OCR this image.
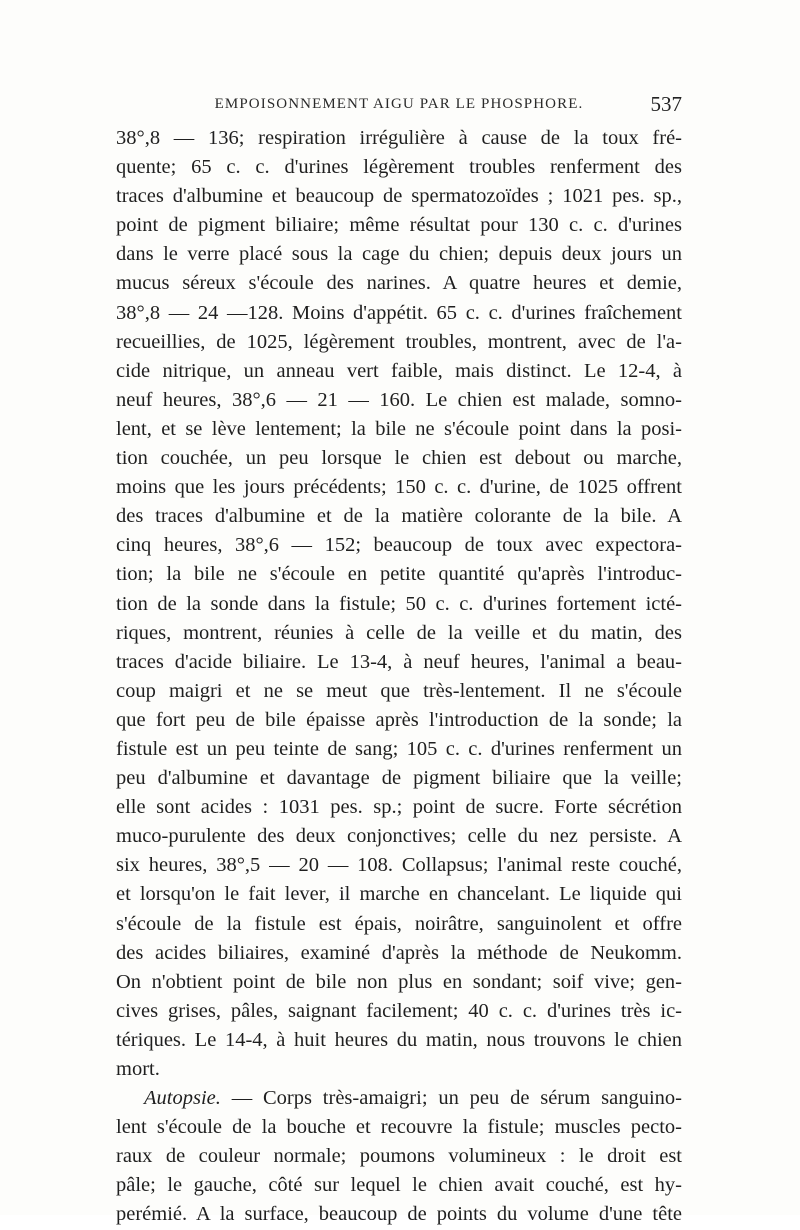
EMPOISONNEMENT AIGU PAR LE PHOSPHORE.	537
38°,8 — 136; respiration irrégulière à cause de la toux fré-
quente; 65 c. c. d'urines légèrement troubles renferment des
traces d'albumine et beaucoup de spermatozoïdes ; 1021 pes. sp.,
point de pigment biliaire; même résultat pour 130 c. c. d'urines
dans le verre placé sous la cage du chien; depuis deux jours un
mucus séreux s'écoule des narines. A quatre heures et demie,
38°,8 — 24 —128. Moins d'appétit. 65 c. c. d'urines fraîchement
recueillies, de 1025, légèrement troubles, montrent, avec de l'a-
cide nitrique, un anneau vert faible, mais distinct. Le 12-4, à
neuf heures, 38°,6 — 21 — 160. Le chien est malade, somno-
lent, et se lève lentement; la bile ne s'écoule point dans la posi-
tion couchée, un peu lorsque le chien est debout ou marche,
moins que les jours précédents; 150 c. c. d'urine, de 1025 offrent
des traces d'albumine et de la matière colorante de la bile. A
cinq heures, 38°,6 — 152; beaucoup de toux avec expectora-
tion; la bile ne s'écoule en petite quantité qu'après l'introduc-
tion de la sonde dans la fistule; 50 c. c. d'urines fortement icté-
riques, montrent, réunies à celle de la veille et du matin, des
traces d'acide biliaire. Le 13-4, à neuf heures, l'animal a beau-
coup maigri et ne se meut que très-lentement. Il ne s'écoule
que fort peu de bile épaisse après l'introduction de la sonde; la
fistule est un peu teinte de sang; 105 c. c. d'urines renferment un
peu d'albumine et davantage de pigment biliaire que la veille;
elle sont acides : 1031 pes. sp.; point de sucre. Forte sécrétion
muco-purulente des deux conjonctives; celle du nez persiste. A
six heures, 38°,5 — 20 — 108. Collapsus; l'animal reste couché,
et lorsqu'on le fait lever, il marche en chancelant. Le liquide qui
s'écoule de la fistule est épais, noirâtre, sanguinolent et offre
des acides biliaires, examiné d'après la méthode de Neukomm.
On n'obtient point de bile non plus en sondant; soif vive; gen-
cives grises, pâles, saignant facilement; 40 c. c. d'urines très ic-
tériques. Le 14-4, à huit heures du matin, nous trouvons le chien
mort.
Autopsie. — Corps très-amaigri; un peu de sérum sanguino-
lent s'écoule de la bouche et recouvre la fistule; muscles pecto-
raux de couleur normale; poumons volumineux : le droit est
pâle; le gauche, côté sur lequel le chien avait couché, est hy-
perémié. A la surface, beaucoup de points du volume d'une tête
